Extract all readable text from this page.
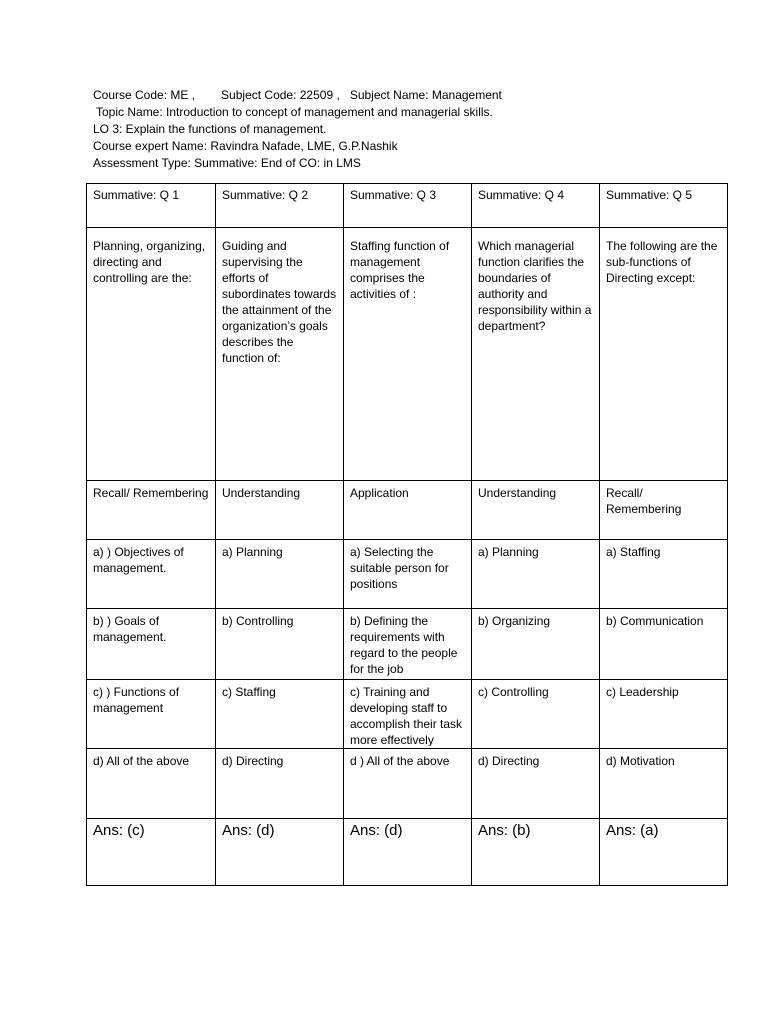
Course Code: ME , Subject Code: 22509 , Subject Name: Management
Topic Name: Introduction to concept of management and managerial skills.
LO 3: Explain the functions of management.
Course expert Name: Ravindra Nafade, LME, G.P.Nashik
Assessment Type: Summative: End of CO: in LMS
Summative: Q 1	Summative: Q 2	Summative: Q 3	Summative: Q 4	Summative: Q 5
Planning, organizing, directing and controlling are the:	Guiding and supervising the efforts of subordinates towards the attainment of the organization’s goals describes the function of:	Staffing function of management comprises the activities of :	Which managerial function clarifies the boundaries of authority and responsibility within a department?	The following are the sub-functions of Directing except:
Recall/ Remembering	Understanding	Application	Understanding	Recall/ Remembering
a) ) Objectives of management.	a) Planning	a) Selecting the suitable person for positions	a) Planning	a) Staffing
b) ) Goals of management.	b) Controlling	b) Defining the requirements with regard to the people for the job	b) Organizing	b) Communication

c) ) Functions of management	c) Staffing	c) Training and developing staff to accomplish their task more effectively	c) Controlling	c) Leadership

d) All of the above	d) Directing	d ) All of the above	d) Directing	d) Motivation
Ans: (c)	Ans: (d)	Ans: (d)	Ans: (b)	Ans: (a)
